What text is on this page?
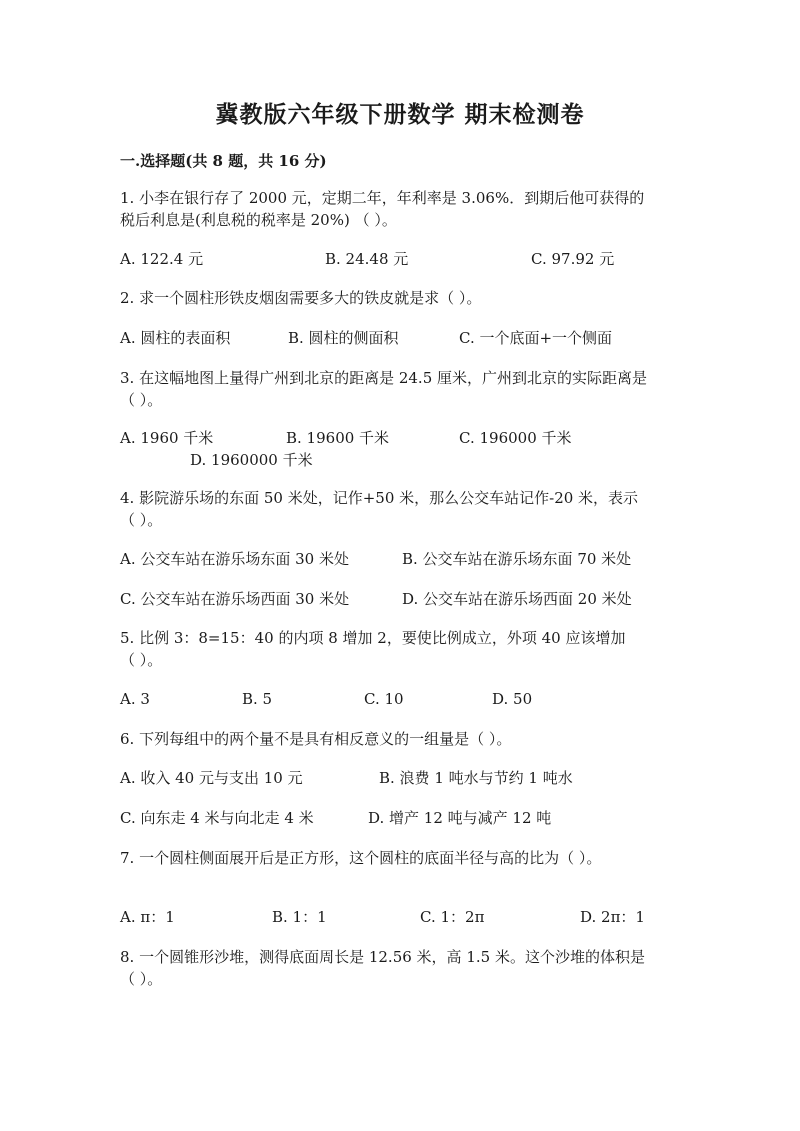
冀教版六年级下册数学 期末检测卷
一.选择题(共 8 题，共 16 分)
1. 小李在银行存了 2000 元，定期二年，年利率是 3.06%．到期后他可获得的
税后利息是(利息税的税率是 20%) （ ）。
A. 122.4 元	B. 24.48 元	C. 97.92 元
2. 求一个圆柱形铁皮烟囱需要多大的铁皮就是求（ ）。
A. 圆柱的表面积	B. 圆柱的侧面积	C. 一个底面+一个侧面
3. 在这幅地图上量得广州到北京的距离是 24.5 厘米，广州到北京的实际距离是
（ ）。
A. 1960 千米	B. 19600 千米	C. 196000 千米
D. 1960000 千米
4. 影院游乐场的东面 50 米处，记作+50 米，那么公交车站记作-20 米，表示
（ ）。
A. 公交车站在游乐场东面 30 米处	B. 公交车站在游乐场东面 70 米处
C. 公交车站在游乐场西面 30 米处	D. 公交车站在游乐场西面 20 米处
5. 比例 3：8=15：40 的内项 8 增加 2，要使比例成立，外项 40 应该增加
（ ）。
A. 3	B. 5	C. 10	D. 50
6. 下列每组中的两个量不是具有相反意义的一组量是（ ）。
A. 收入 40 元与支出 10 元	B. 浪费 1 吨水与节约 1 吨水
C. 向东走 4 米与向北走 4 米	D. 增产 12 吨与减产 12 吨
7. 一个圆柱侧面展开后是正方形，这个圆柱的底面半径与高的比为（ ）。
A. π：1	B. 1：1	C. 1：2π	D. 2π：1
8. 一个圆锥形沙堆，测得底面周长是 12.56 米，高 1.5 米。这个沙堆的体积是
（ ）。
